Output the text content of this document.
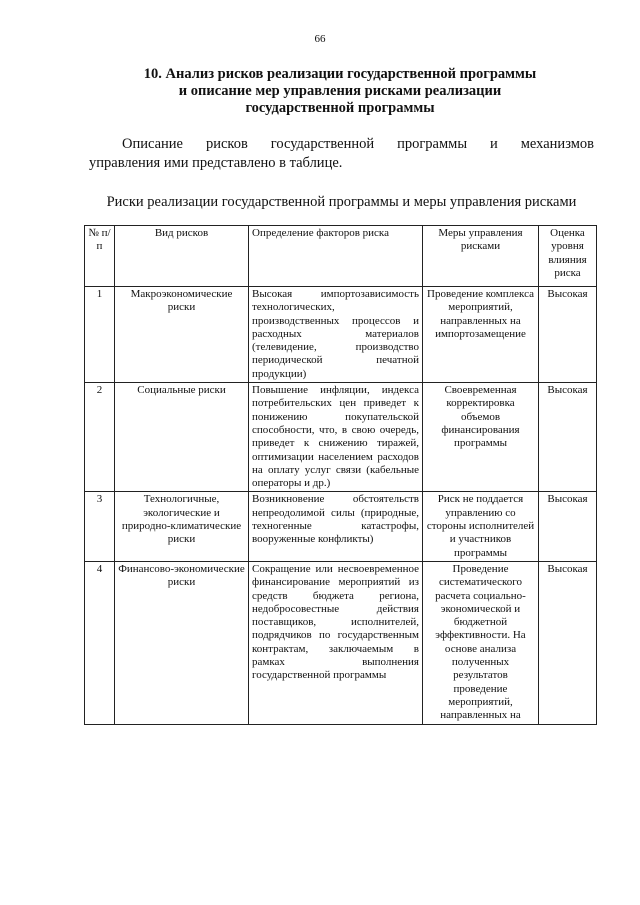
66
10. Анализ рисков реализации государственной программы
и описание мер управления рисками реализации
государственной программы
Описание рисков государственной программы и механизмов
управления ими представлено в таблице.
Риски реализации государственной программы и меры управления рисками
№ п/п	Вид рисков	Определение факторов риска	Меры управления рисками	Оценка уровня влияния риска
1	Макроэкономические риски	Высокая импортозависимость технологических, производственных процессов и расходных материалов (телевидение, производство периодической печатной продукции)	Проведение комплекса мероприятий, направленных на импортозамещение	Высокая
2	Социальные риски	Повышение инфляции, индекса потребительских цен приведет к понижению покупательской способности, что, в свою очередь, приведет к снижению тиражей, оптимизации населением расходов на оплату услуг связи (кабельные операторы и др.)	Своевременная корректировка объемов финансирования программы	Высокая
3	Технологичные, экологические и природно-климатические риски	Возникновение обстоятельств непреодолимой силы (природные, техногенные катастрофы, вооруженные конфликты)	Риск не поддается управлению со стороны исполнителей и участников программы	Высокая
4	Финансово-экономические риски	Сокращение или несвоевременное финансирование мероприятий из средств бюджета региона, недобросовестные действия поставщиков, исполнителей, подрядчиков по государственным контрактам, заключаемым в рамках выполнения государственной программы	Проведение систематического расчета социально-экономической и бюджетной эффективности. На основе анализа полученных результатов проведение мероприятий, направленных на	Высокая
